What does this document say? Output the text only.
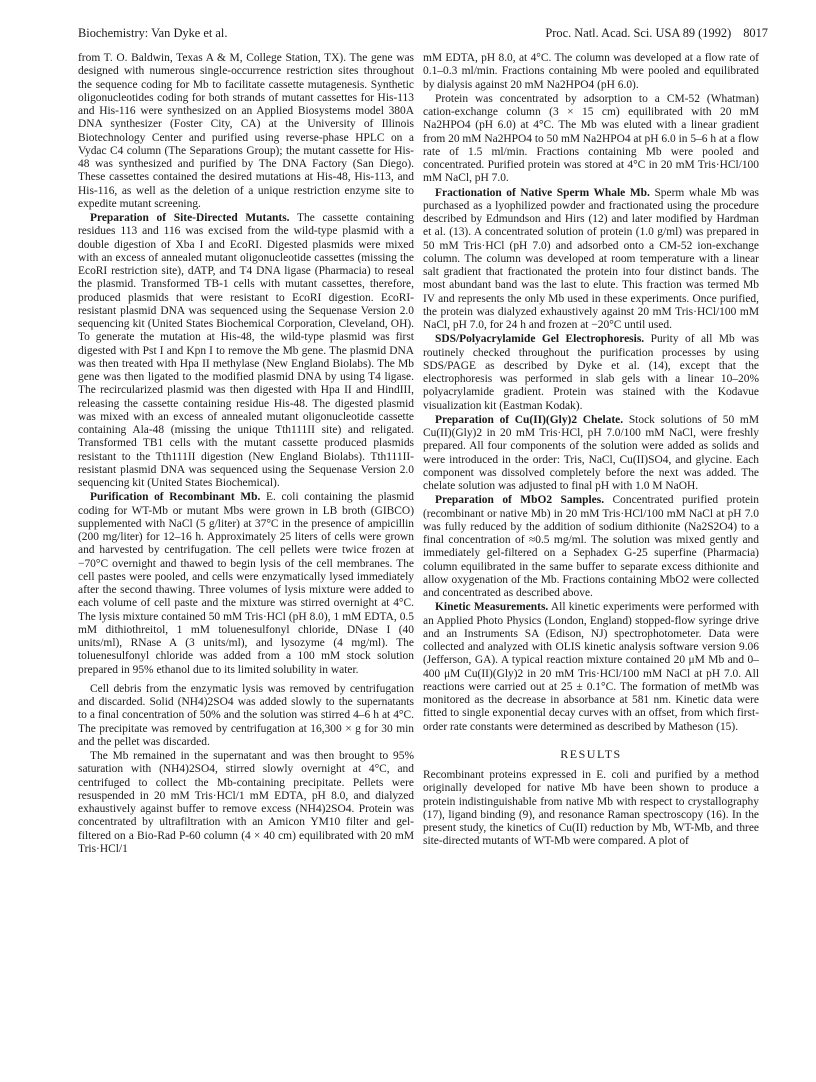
Biochemistry: Van Dyke et al.	Proc. Natl. Acad. Sci. USA 89 (1992) 8017

from T. O. Baldwin, Texas A & M, College Station, TX). The gene was designed with numerous single-occurrence restriction sites throughout the sequence coding for Mb to facilitate cassette mutagenesis. Synthetic oligonucleotides coding for both strands of mutant cassettes for His-113 and His-116 were synthesized on an Applied Biosystems model 380A DNA synthesizer (Foster City, CA) at the University of Illinois Biotechnology Center and purified using reverse-phase HPLC on a Vydac C4 column (The Separations Group); the mutant cassette for His-48 was synthesized and purified by The DNA Factory (San Diego). These cassettes contained the desired mutations at His-48, His-113, and His-116, as well as the deletion of a unique restriction enzyme site to expedite mutant screening.

Preparation of Site-Directed Mutants. The cassette containing residues 113 and 116 was excised from the wild-type plasmid with a double digestion of Xba I and EcoRI. Digested plasmids were mixed with an excess of annealed mutant oligonucleotide cassettes (missing the EcoRI restriction site), dATP, and T4 DNA ligase (Pharmacia) to reseal the plasmid. Transformed TB-1 cells with mutant cassettes, therefore, produced plasmids that were resistant to EcoRI digestion. EcoRI-resistant plasmid DNA was sequenced using the Sequenase Version 2.0 sequencing kit (United States Biochemical Corporation, Cleveland, OH). To generate the mutation at His-48, the wild-type plasmid was first digested with Pst I and Kpn I to remove the Mb gene. The plasmid DNA was then treated with Hpa II methylase (New England Biolabs). The Mb gene was then ligated to the modified plasmid DNA by using T4 ligase. The recircularized plasmid was then digested with Hpa II and HindIII, releasing the cassette containing residue His-48. The digested plasmid was mixed with an excess of annealed mutant oligonucleotide cassette containing Ala-48 (missing the unique Tth111II site) and religated. Transformed TB1 cells with the mutant cassette produced plasmids resistant to the Tth111II digestion (New England Biolabs). Tth111II-resistant plasmid DNA was sequenced using the Sequenase Version 2.0 sequencing kit (United States Biochemical).

Purification of Recombinant Mb. E. coli containing the plasmid coding for WT-Mb or mutant Mbs were grown in LB broth (GIBCO) supplemented with NaCl (5 g/liter) at 37°C in the presence of ampicillin (200 mg/liter) for 12–16 h. Approximately 25 liters of cells were grown and harvested by centrifugation. The cell pellets were twice frozen at −70°C overnight and thawed to begin lysis of the cell membranes. The cell pastes were pooled, and cells were enzymatically lysed immediately after the second thawing. Three volumes of lysis mixture were added to each volume of cell paste and the mixture was stirred overnight at 4°C. The lysis mixture contained 50 mM Tris·HCl (pH 8.0), 1 mM EDTA, 0.5 mM dithiothreitol, 1 mM toluenesulfonyl chloride, DNase I (40 units/ml), RNase A (3 units/ml), and lysozyme (4 mg/ml). The toluenesulfonyl chloride was added from a 100 mM stock solution prepared in 95% ethanol due to its limited solubility in water.

Cell debris from the enzymatic lysis was removed by centrifugation and discarded. Solid (NH4)2SO4 was added slowly to the supernatants to a final concentration of 50% and the solution was stirred 4–6 h at 4°C. The precipitate was removed by centrifugation at 16,300 × g for 30 min and the pellet was discarded.

The Mb remained in the supernatant and was then brought to 95% saturation with (NH4)2SO4, stirred slowly overnight at 4°C, and centrifuged to collect the Mb-containing precipitate. Pellets were resuspended in 20 mM Tris·HCl/1 mM EDTA, pH 8.0, and dialyzed exhaustively against buffer to remove excess (NH4)2SO4. Protein was concentrated by ultrafiltration with an Amicon YM10 filter and gel-filtered on a Bio-Rad P-60 column (4 × 40 cm) equilibrated with 20 mM Tris·HCl/1

mM EDTA, pH 8.0, at 4°C. The column was developed at a flow rate of 0.1–0.3 ml/min. Fractions containing Mb were pooled and equilibrated by dialysis against 20 mM Na2HPO4 (pH 6.0).

Protein was concentrated by adsorption to a CM-52 (Whatman) cation-exchange column (3 × 15 cm) equilibrated with 20 mM Na2HPO4 (pH 6.0) at 4°C. The Mb was eluted with a linear gradient from 20 mM Na2HPO4 to 50 mM Na2HPO4 at pH 6.0 in 5–6 h at a flow rate of 1.5 ml/min. Fractions containing Mb were pooled and concentrated. Purified protein was stored at 4°C in 20 mM Tris·HCl/100 mM NaCl, pH 7.0.

Fractionation of Native Sperm Whale Mb. Sperm whale Mb was purchased as a lyophilized powder and fractionated using the procedure described by Edmundson and Hirs (12) and later modified by Hardman et al. (13). A concentrated solution of protein (1.0 g/ml) was prepared in 50 mM Tris·HCl (pH 7.0) and adsorbed onto a CM-52 ion-exchange column. The column was developed at room temperature with a linear salt gradient that fractionated the protein into four distinct bands. The most abundant band was the last to elute. This fraction was termed Mb IV and represents the only Mb used in these experiments. Once purified, the protein was dialyzed exhaustively against 20 mM Tris·HCl/100 mM NaCl, pH 7.0, for 24 h and frozen at −20°C until used.

SDS/Polyacrylamide Gel Electrophoresis. Purity of all Mb was routinely checked throughout the purification processes by using SDS/PAGE as described by Dyke et al. (14), except that the electrophoresis was performed in slab gels with a linear 10–20% polyacrylamide gradient. Protein was stained with the Kodavue visualization kit (Eastman Kodak).

Preparation of Cu(II)(Gly)2 Chelate. Stock solutions of 50 mM Cu(II)(Gly)2 in 20 mM Tris·HCl, pH 7.0/100 mM NaCl, were freshly prepared. All four components of the solution were added as solids and were introduced in the order: Tris, NaCl, Cu(II)SO4, and glycine. Each component was dissolved completely before the next was added. The chelate solution was adjusted to final pH with 1.0 M NaOH.

Preparation of MbO2 Samples. Concentrated purified protein (recombinant or native Mb) in 20 mM Tris·HCl/100 mM NaCl at pH 7.0 was fully reduced by the addition of sodium dithionite (Na2S2O4) to a final concentration of ≈0.5 mg/ml. The solution was mixed gently and immediately gel-filtered on a Sephadex G-25 superfine (Pharmacia) column equilibrated in the same buffer to separate excess dithionite and allow oxygenation of the Mb. Fractions containing MbO2 were collected and concentrated as described above.

Kinetic Measurements. All kinetic experiments were performed with an Applied Photo Physics (London, England) stopped-flow syringe drive and an Instruments SA (Edison, NJ) spectrophotometer. Data were collected and analyzed with OLIS kinetic analysis software version 9.06 (Jefferson, GA). A typical reaction mixture contained 20 μM Mb and 0–400 μM Cu(II)(Gly)2 in 20 mM Tris·HCl/100 mM NaCl at pH 7.0. All reactions were carried out at 25 ± 0.1°C. The formation of metMb was monitored as the decrease in absorbance at 581 nm. Kinetic data were fitted to single exponential decay curves with an offset, from which first-order rate constants were determined as described by Matheson (15).

RESULTS

Recombinant proteins expressed in E. coli and purified by a method originally developed for native Mb have been shown to produce a protein indistinguishable from native Mb with respect to crystallography (17), ligand binding (9), and resonance Raman spectroscopy (16). In the present study, the kinetics of Cu(II) reduction by Mb, WT-Mb, and three site-directed mutants of WT-Mb were compared. A plot of
